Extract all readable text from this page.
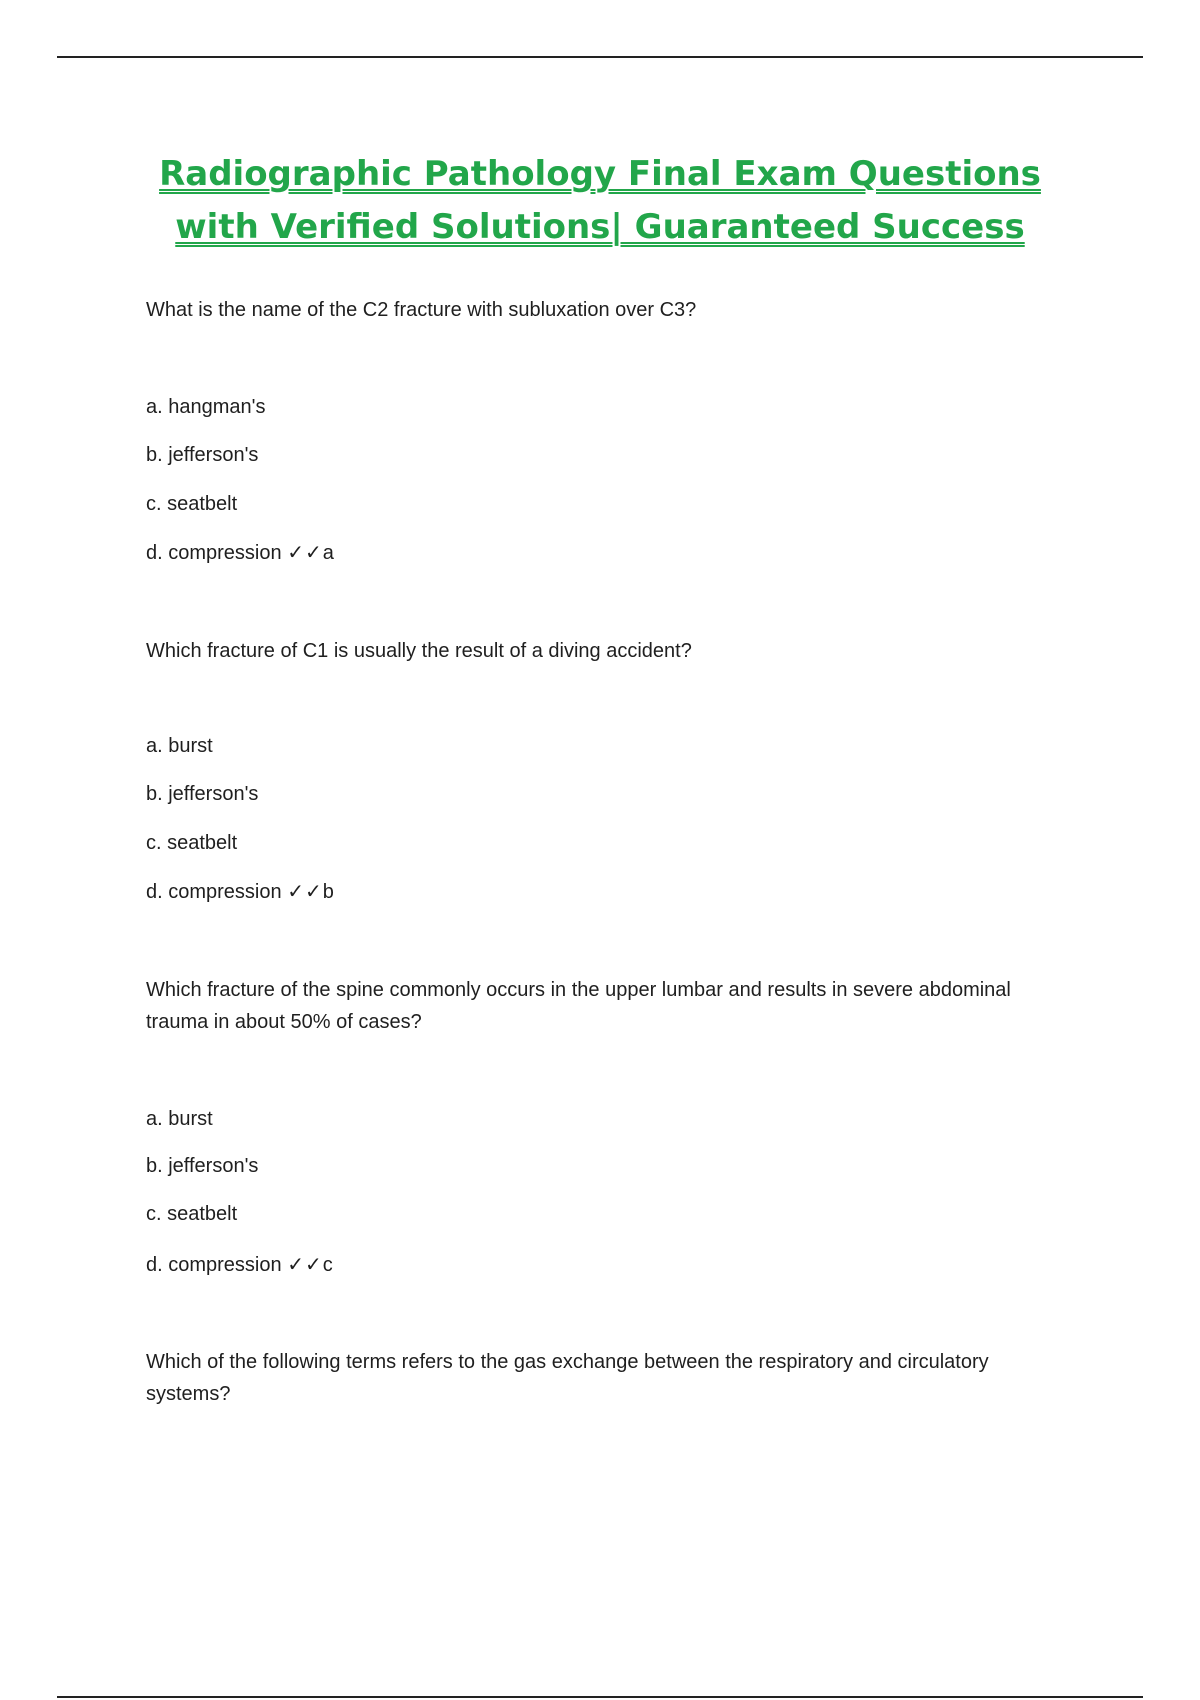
Radiographic Pathology Final Exam Questions
with Verified Solutions| Guaranteed Success

What is the name of the C2 fracture with subluxation over C3?

a. hangman's

b. jefferson's

c. seatbelt

d. compression ✓✓a

Which fracture of C1 is usually the result of a diving accident?

a. burst

b. jefferson's

c. seatbelt

d. compression ✓✓b

Which fracture of the spine commonly occurs in the upper lumbar and results in severe abdominal trauma in about 50% of cases?

a. burst

b. jefferson's

c. seatbelt

d. compression ✓✓c

Which of the following terms refers to the gas exchange between the respiratory and circulatory systems?
